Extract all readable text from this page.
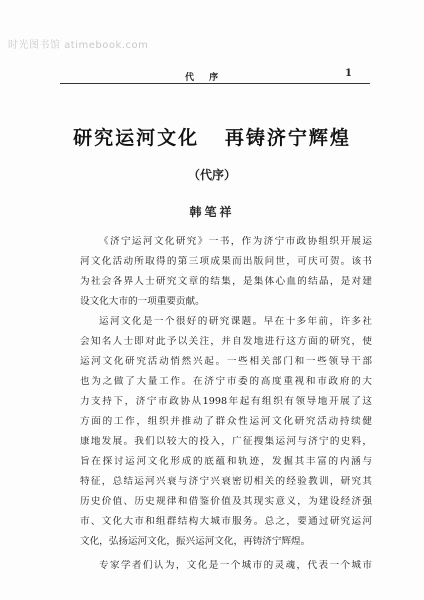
时光图书馆 atimebook.com
代 序	1
研究运河文化   再铸济宁辉煌
（代序）
韩笔祥
《济宁运河文化研究》一书，作为济宁市政协组织开展运
河文化活动所取得的第三项成果而出版问世，可庆可贺。该书
为社会各界人士研究文章的结集，是集体心血的结晶，是对建
设文化大市的一项重要贡献。
运河文化是一个很好的研究课题。早在十多年前，许多社
会知名人士即对此予以关注，并自发地进行这方面的研究，使
运河文化研究活动悄然兴起。一些相关部门和一些领导干部
也为之做了大量工作。在济宁市委的高度重视和市政府的大
力支持下，济宁市政协从1998年起有组织有领导地开展了这
方面的工作，组织并推动了群众性运河文化研究活动持续健
康地发展。我们以较大的投入，广征搜集运河与济宁的史料，
旨在探讨运河文化形成的底蕴和轨迹，发掘其丰富的内涵与
特征，总结运河兴衰与济宁兴衰密切相关的经验教训，研究其
历史价值、历史规律和借鉴价值及其现实意义，为建设经济强
市、文化大市和组群结构大城市服务。总之，要通过研究运河
文化，弘扬运河文化，振兴运河文化，再铸济宁辉煌。
专家学者们认为，文化是一个城市的灵魂，代表一个城市
